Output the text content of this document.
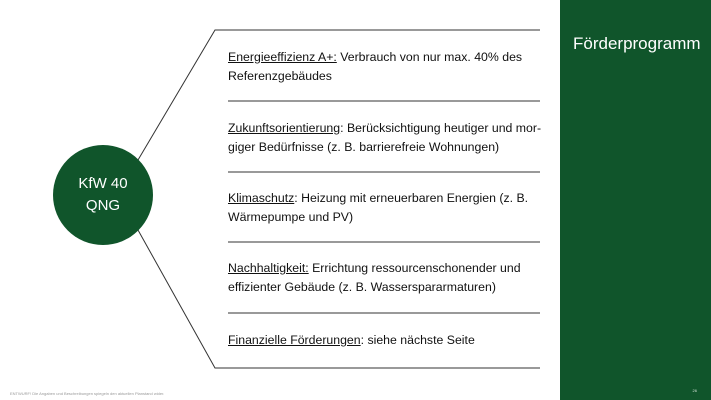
KfW 40
QNG
Energieeffizienz A+: Verbrauch von nur max. 40% des Referenzgebäudes
Zukunftsorientierung: Berücksichtigung heutiger und mor-giger Bedürfnisse (z. B. barrierefreie Wohnungen)
Klimaschutz: Heizung mit erneuerbaren Energien (z. B. Wärmepumpe und PV)
Nachhaltigkeit: Errichtung ressourcenschonender und effizienter Gebäude (z. B. Wasserspararmaturen)
Finanzielle Förderungen: siehe nächste Seite
Förderprogramm
26
ENTWURF! Die Angaben und Beschreibungen spiegeln den aktuellen Planstand wider.
